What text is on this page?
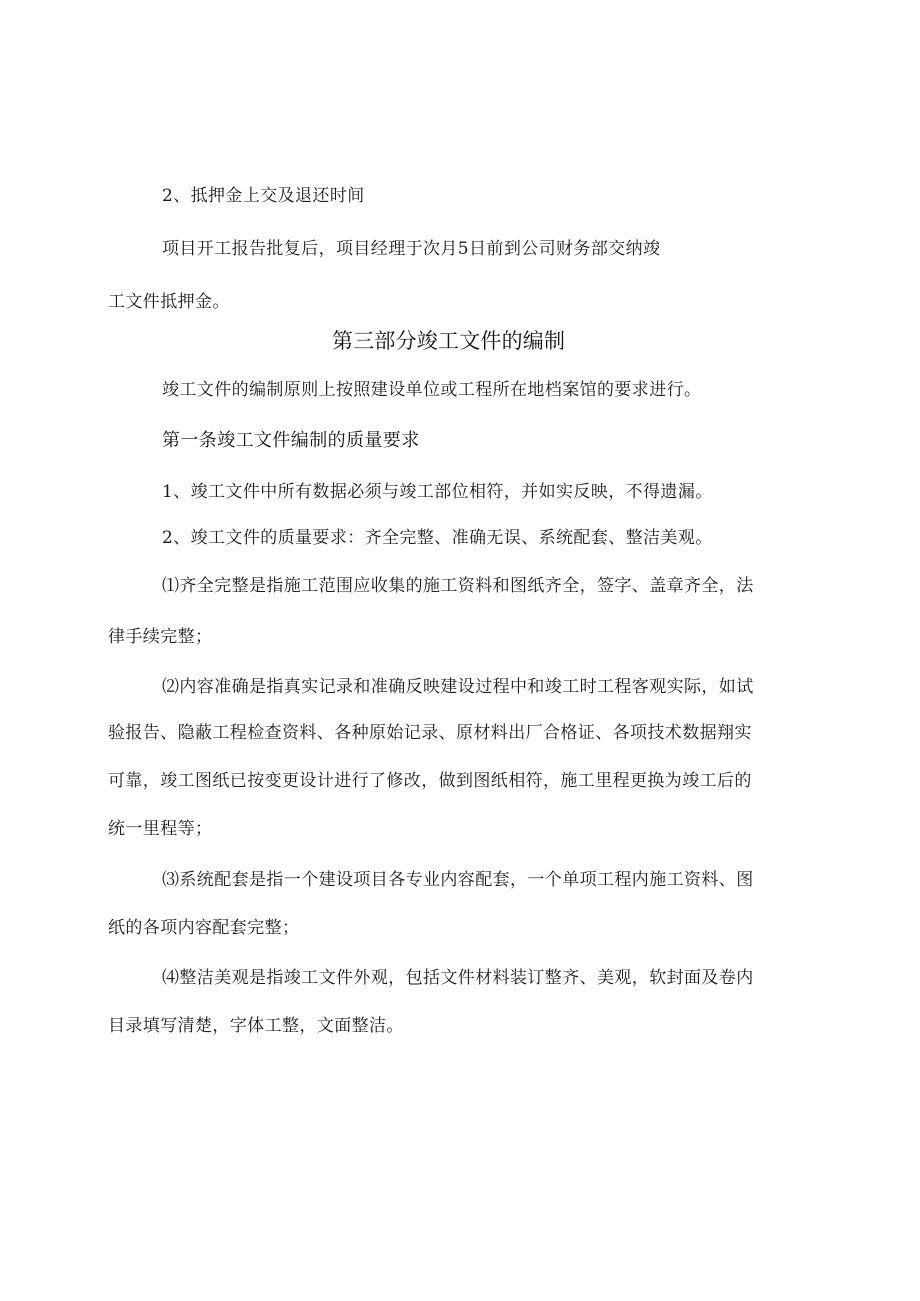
2、抵押金上交及退还时间
项目开工报告批复后，项目经理于次月5日前到公司财务部交纳竣
工文件抵押金。
第三部分竣工文件的编制
竣工文件的编制原则上按照建设单位或工程所在地档案馆的要求进行。
第一条竣工文件编制的质量要求
1、竣工文件中所有数据必须与竣工部位相符，并如实反映，不得遗漏。
2、竣工文件的质量要求：齐全完整、准确无误、系统配套、整洁美观。
⑴齐全完整是指施工范围应收集的施工资料和图纸齐全，签字、盖章齐全，法
律手续完整；
⑵内容准确是指真实记录和准确反映建设过程中和竣工时工程客观实际，如试
验报告、隐蔽工程检查资料、各种原始记录、原材料出厂合格证、各项技术数据翔实
可靠，竣工图纸已按变更设计进行了修改，做到图纸相符，施工里程更换为竣工后的
统一里程等；
⑶系统配套是指一个建设项目各专业内容配套，一个单项工程内施工资料、图
纸的各项内容配套完整；
⑷整洁美观是指竣工文件外观，包括文件材料装订整齐、美观，软封面及卷内
目录填写清楚，字体工整，文面整洁。
